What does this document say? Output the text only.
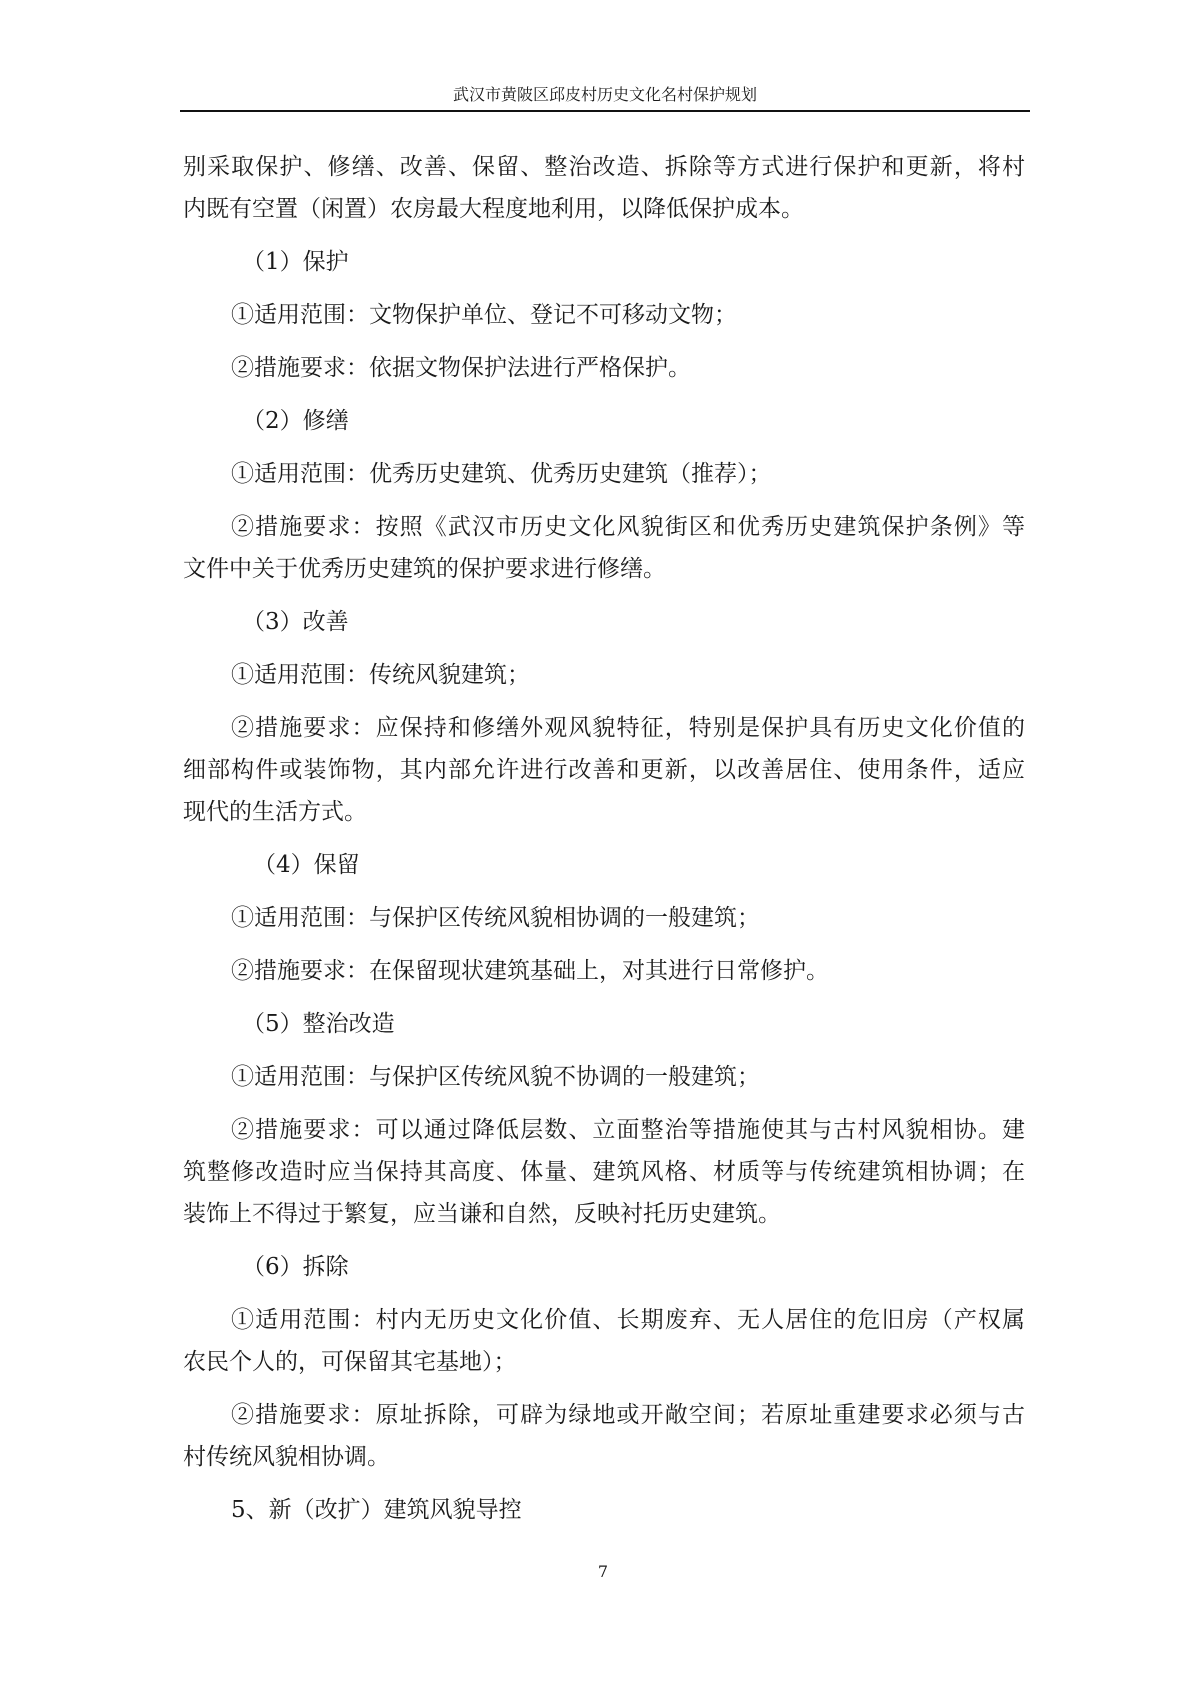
武汉市黄陂区邱皮村历史文化名村保护规划
别采取保护、修缮、改善、保留、整治改造、拆除等方式进行保护和更新，将村
内既有空置（闲置）农房最大程度地利用，以降低保护成本。
（1）保护
①适用范围：文物保护单位、登记不可移动文物；
②措施要求：依据文物保护法进行严格保护。
（2）修缮
①适用范围：优秀历史建筑、优秀历史建筑（推荐）；
②措施要求：按照《武汉市历史文化风貌街区和优秀历史建筑保护条例》等
文件中关于优秀历史建筑的保护要求进行修缮。
（3）改善
①适用范围：传统风貌建筑；
②措施要求：应保持和修缮外观风貌特征，特别是保护具有历史文化价值的
细部构件或装饰物，其内部允许进行改善和更新，以改善居住、使用条件，适应
现代的生活方式。
（4）保留
①适用范围：与保护区传统风貌相协调的一般建筑；
②措施要求：在保留现状建筑基础上，对其进行日常修护。
（5）整治改造
①适用范围：与保护区传统风貌不协调的一般建筑；
②措施要求：可以通过降低层数、立面整治等措施使其与古村风貌相协。建
筑整修改造时应当保持其高度、体量、建筑风格、材质等与传统建筑相协调；在
装饰上不得过于繁复，应当谦和自然，反映衬托历史建筑。
（6）拆除
①适用范围：村内无历史文化价值、长期废弃、无人居住的危旧房（产权属
农民个人的，可保留其宅基地）；
②措施要求：原址拆除，可辟为绿地或开敞空间；若原址重建要求必须与古
村传统风貌相协调。
5、新（改扩）建筑风貌导控
7
